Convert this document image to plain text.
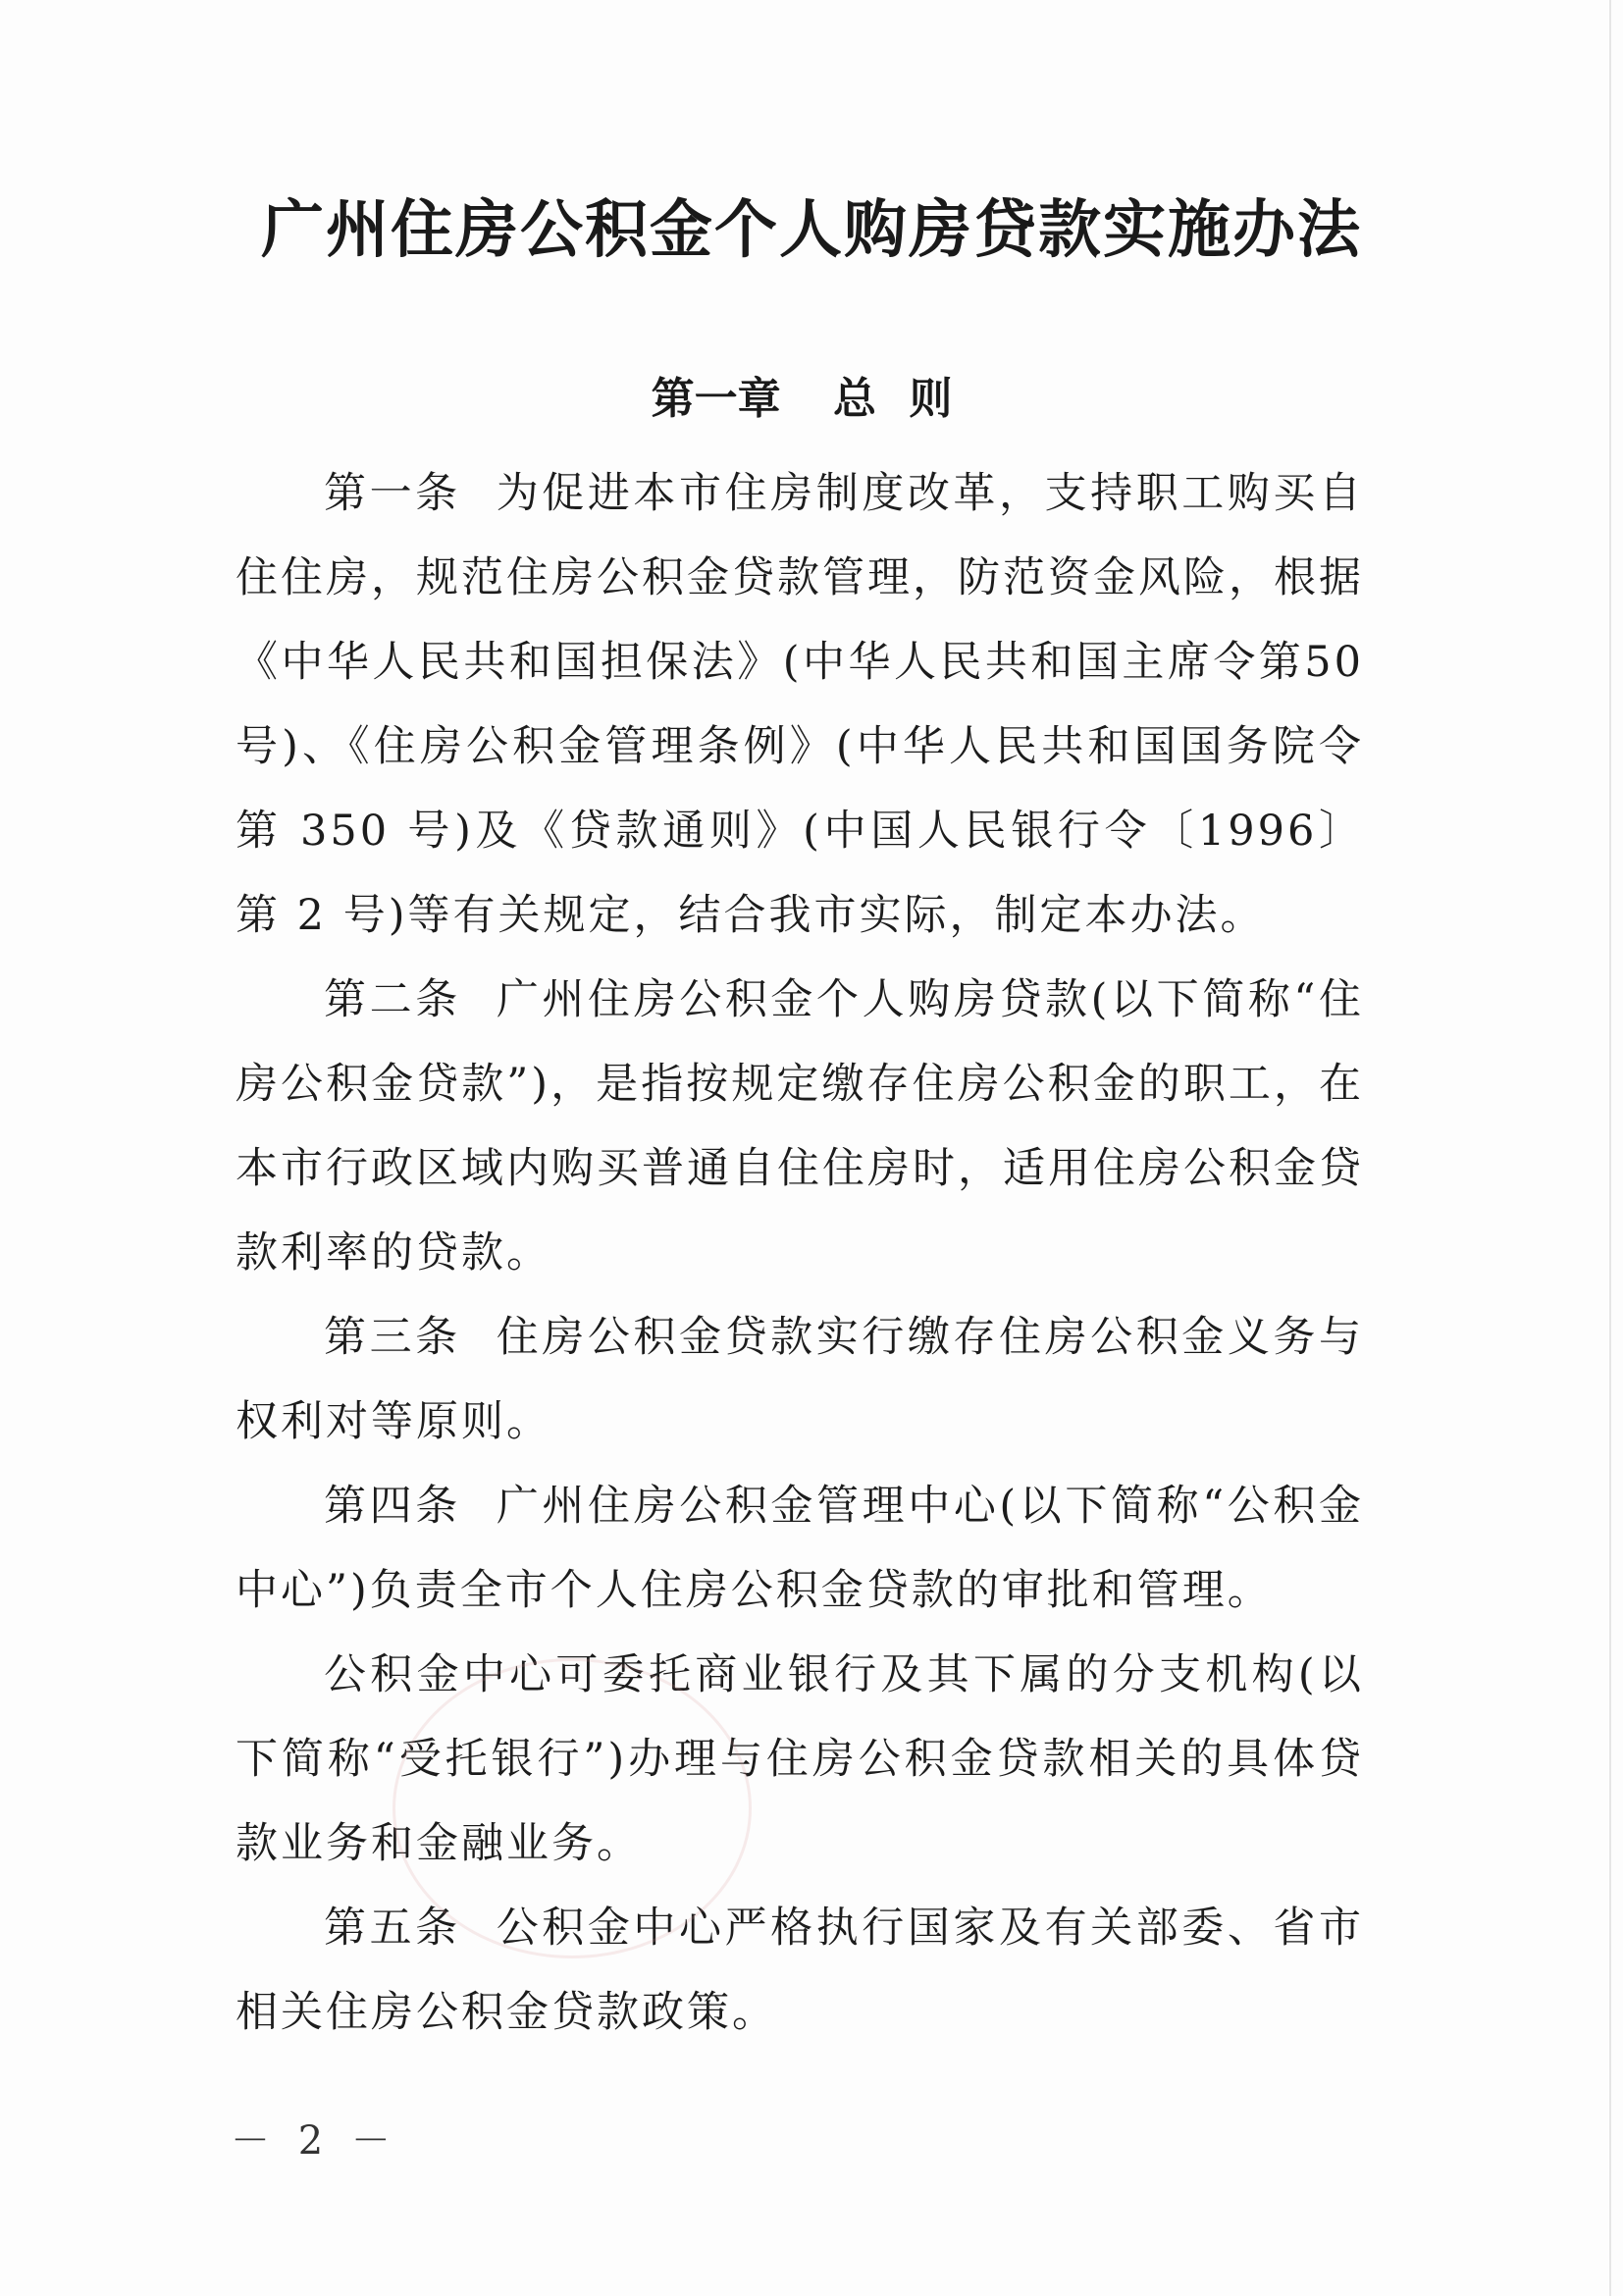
广州住房公积金个人购房贷款实施办法
第一章 总 则

第一条 为促进本市住房制度改革，支持职工购买自住住房，规范住房公积金贷款管理，防范资金风险，根据《中华人民共和国担保法》(中华人民共和国主席令第50号)、《住房公积金管理条例》(中华人民共和国国务院令第 350 号)及《贷款通则》(中国人民银行令〔1996〕第 2 号)等有关规定，结合我市实际，制定本办法。

第二条 广州住房公积金个人购房贷款(以下简称“住房公积金贷款”)，是指按规定缴存住房公积金的职工，在本市行政区域内购买普通自住住房时，适用住房公积金贷款利率的贷款。

第三条 住房公积金贷款实行缴存住房公积金义务与权利对等原则。

第四条 广州住房公积金管理中心(以下简称“公积金中心”)负责全市个人住房公积金贷款的审批和管理。

公积金中心可委托商业银行及其下属的分支机构(以下简称“受托银行”)办理与住房公积金贷款相关的具体贷款业务和金融业务。

第五条 公积金中心严格执行国家及有关部委、省市相关住房公积金贷款政策。

－ 2 －
